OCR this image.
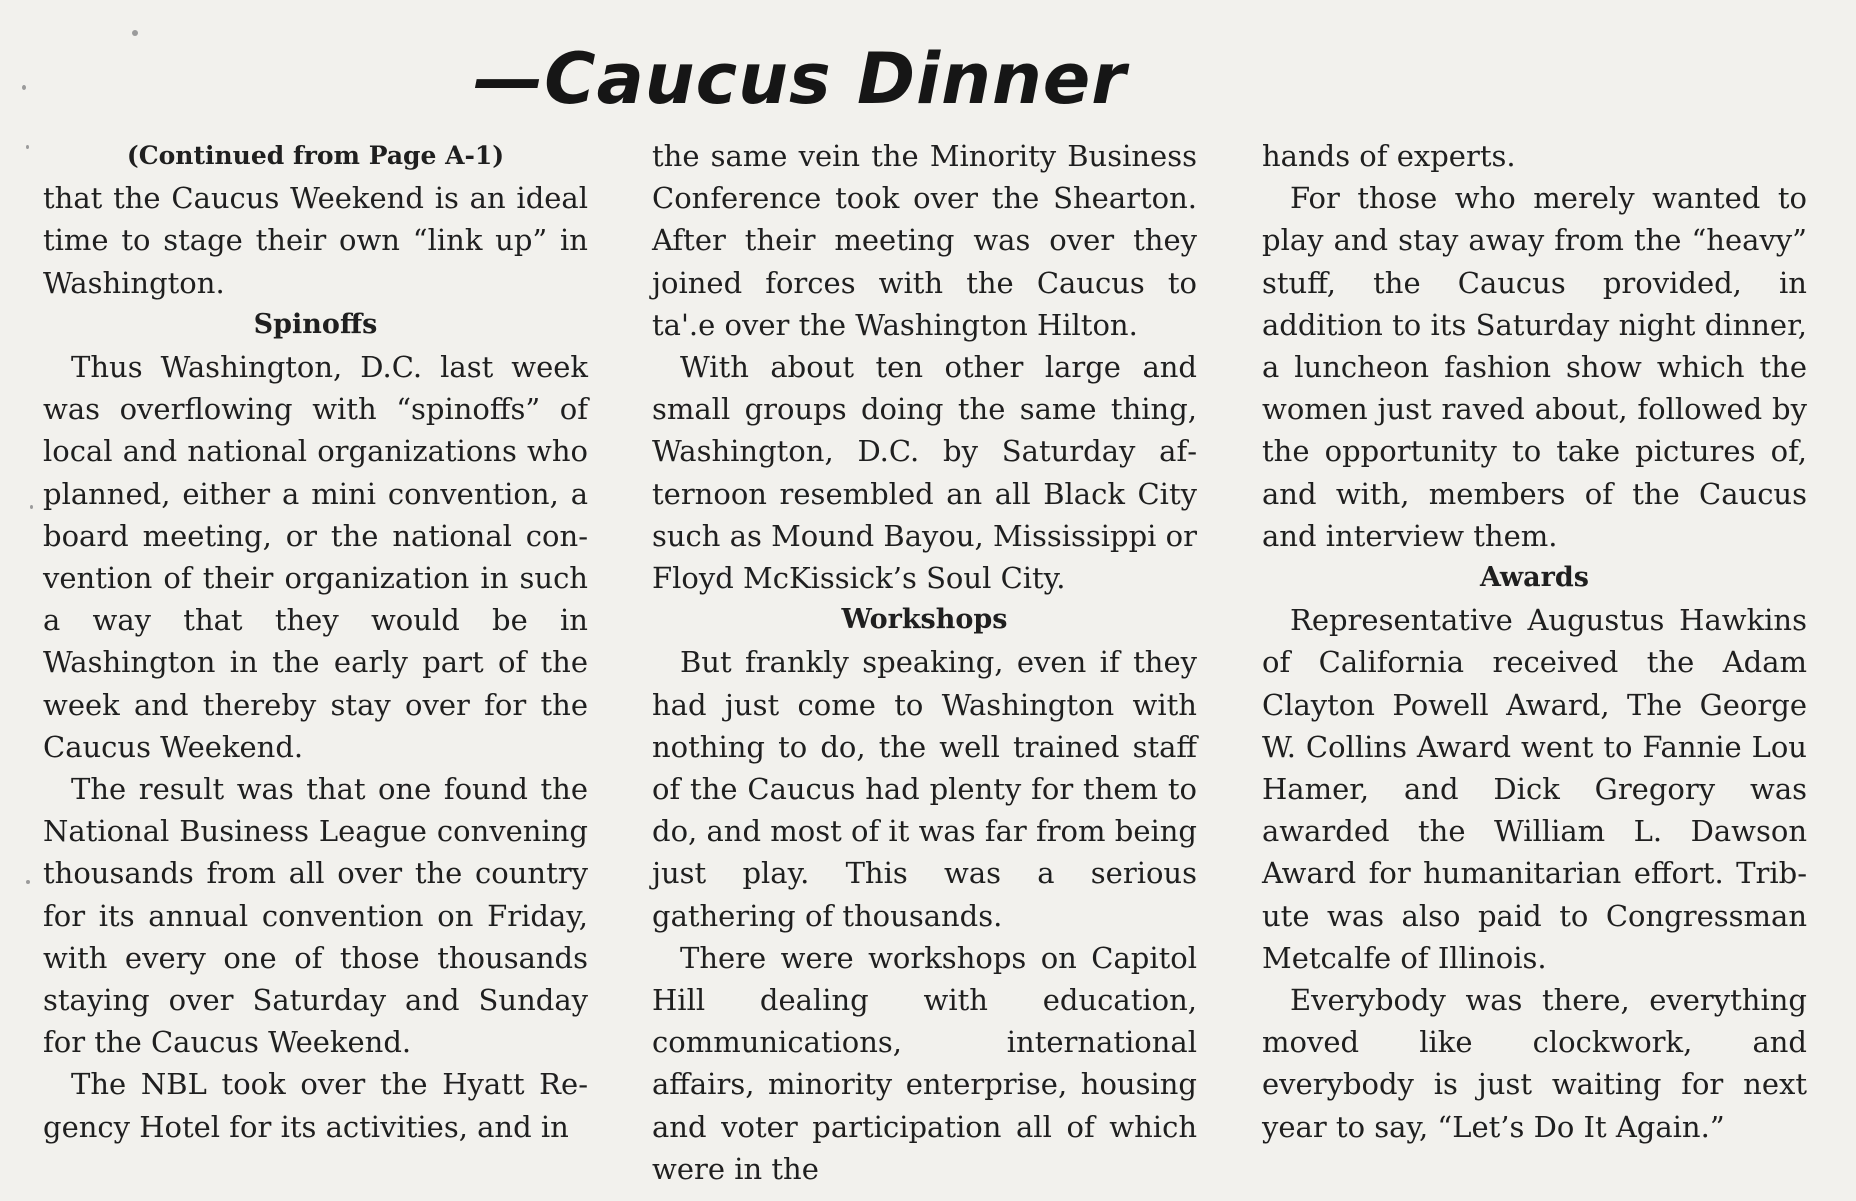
—Caucus Dinner
(Continued from Page A-1)

that the Caucus Weekend is an ideal time to stage their own “link up” in Washington.

Spinoffs

Thus Washington, D.C. last week was overflowing with “spinoffs” of local and national organizations who planned, either a mini convention, a board meeting, or the national convention of their organization in such a way that they would be in Washington in the early part of the week and thereby stay over for the Caucus Weekend.

The result was that one found the National Business League convening thousands from all over the country for its annual convention on Friday, with every one of those thousands staying over Saturday and Sunday for the Caucus Weekend.

The NBL took over the Hyatt Regency Hotel for its activities, and in

the same vein the Minority Business Conference took over the Shearton. After their meeting was over they joined forces with the Caucus to ta'.e over the Washington Hilton.

With about ten other large and small groups doing the same thing, Washington, D.C. by Saturday afternoon resembled an all Black City such as Mound Bayou, Mississippi or Floyd McKissick’s Soul City.

Workshops

But frankly speaking, even if they had just come to Washington with nothing to do, the well trained staff of the Caucus had plenty for them to do, and most of it was far from being just play. This was a serious gathering of thousands.

There were workshops on Capitol Hill dealing with education, communications, international affairs, minority enterprise, housing and voter participation all of which were in the

hands of experts.

For those who merely wanted to play and stay away from the “heavy” stuff, the Caucus provided, in addition to its Saturday night dinner, a luncheon fashion show which the women just raved about, followed by the opportunity to take pictures of, and with, members of the Caucus and interview them.

Awards

Representative Augustus Hawkins of California received the Adam Clayton Powell Award, The George W. Collins Award went to Fannie Lou Hamer, and Dick Gregory was awarded the William L. Dawson Award for humanitarian effort. Tribute was also paid to Congressman Metcalfe of Illinois.

Everybody was there, everything moved like clockwork, and everybody is just waiting for next year to say, “Let’s Do It Again.”
